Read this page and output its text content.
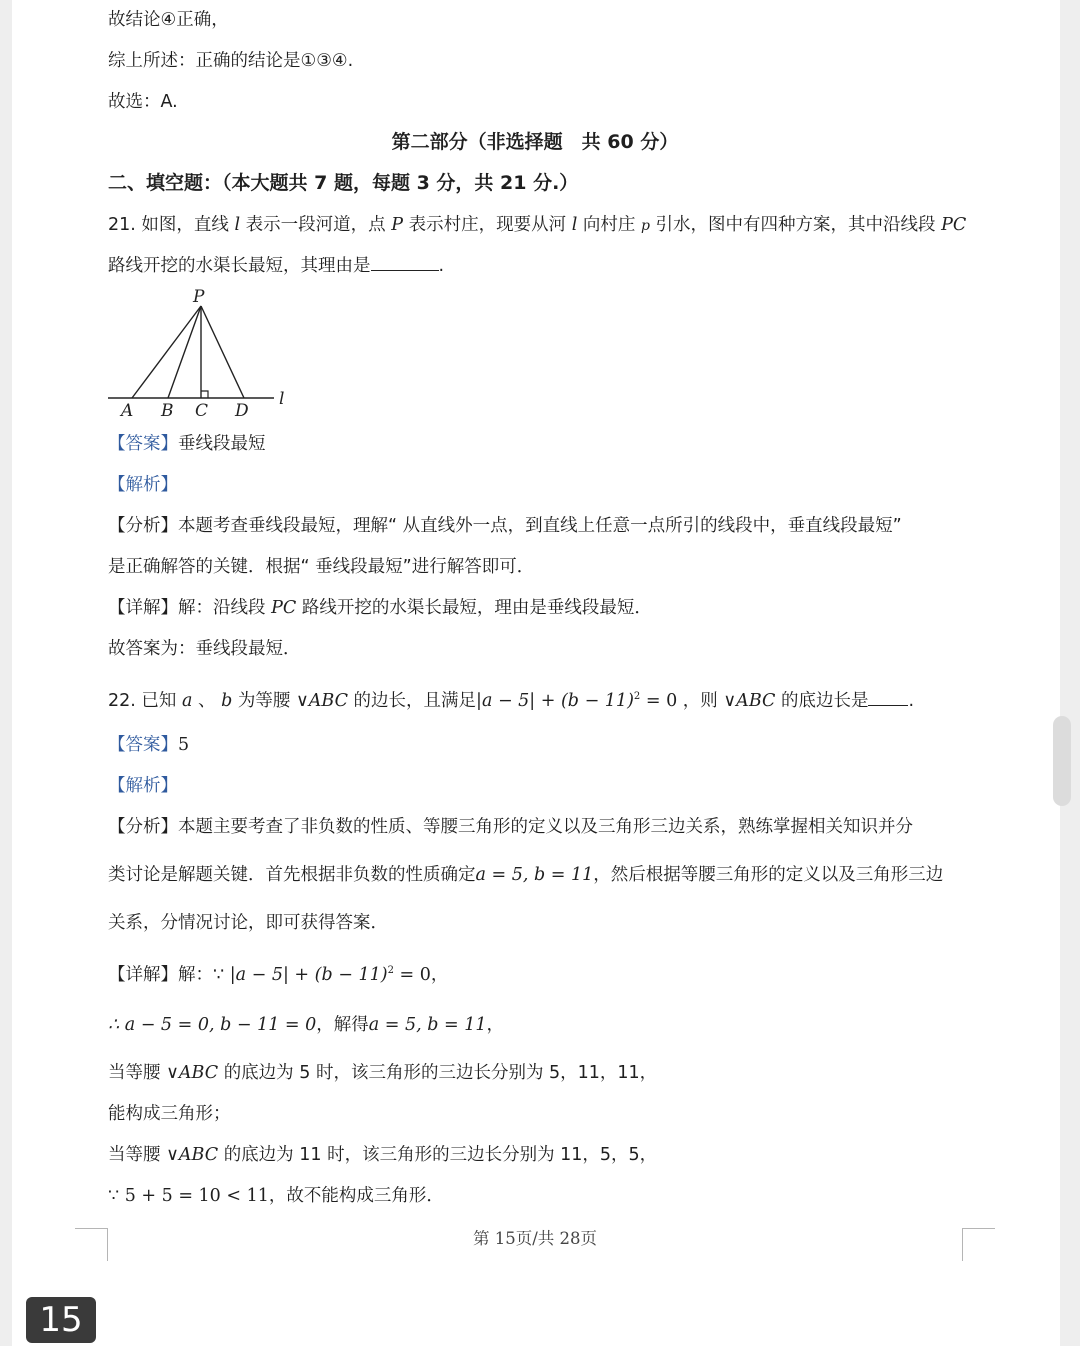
故结论④正确，
综上所述：正确的结论是①③④.
故选：A.
第二部分（非选择题　共 60 分）
二、填空题：（本大题共 7 题，每题 3 分，共 21 分.）
21. 如图，直线 l 表示一段河道，点 P 表示村庄，现要从河 l 向村庄 p 引水，图中有四种方案，其中沿线段 PC
路线开挖的水渠长最短，其理由是	.
P
A B C D
l
【答案】垂线段最短
【解析】
【分析】本题考查垂线段最短，理解“ 从直线外一点，到直线上任意一点所引的线段中，垂直线段最短”
是正确解答的关键．根据“ 垂线段最短”进行解答即可．
【详解】解：沿线段 PC 路线开挖的水渠长最短，理由是垂线段最短．
故答案为：垂线段最短．
22. 已知 a 、 b 为等腰 ∨ABC 的边长，且满足$|a - 5| + (b - 11)^2 = 0$ ，则 ∨ABC 的底边长是 .
【答案】5
【解析】
【分析】本题主要考查了非负数的性质、等腰三角形的定义以及三角形三边关系，熟练掌握相关知识并分
类讨论是解题关键．首先根据非负数的性质确定a = 5, b = 11，然后根据等腰三角形的定义以及三角形三边
关系，分情况讨论，即可获得答案．
【详解】解：∵ $|a - 5| + (b - 11)^2 = 0$，
∴ a − 5 = 0, b − 11 = 0，解得a = 5, b = 11，
当等腰 ∨ABC 的底边为 5 时，该三角形的三边长分别为 5，11，11，
能构成三角形；
当等腰 ∨ABC 的底边为 11 时，该三角形的三边长分别为 11，5，5，
∵ 5 + 5 = 10 < 11，故不能构成三角形．
第 15页/共 28页
15
